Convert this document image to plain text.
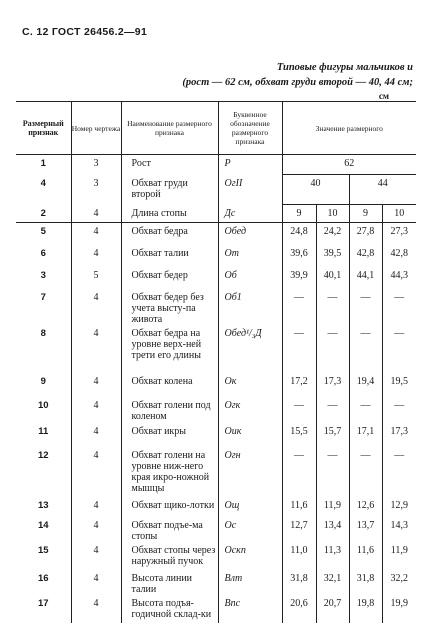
С. 12 ГОСТ 26456.2—91
Типовые фигуры мальчиков и
(рост — 62 см, обхват груди второй — 40, 44 см;
см
Размерный признак	Номер чертежа	Наименование размерного признака	Буквенное обозначение размерного признака	Значение размерного			
1	3	Рост	P	62			
4	3	Обхват груди второй	OгII	40		44	
2	4	Длина стопы	Дc	9	10	9	10
5	4	Обхват бедра	Oбед	24,8	24,2	27,8	27,3
6	4	Обхват талии	Oт	39,6	39,5	42,8	42,8
3	5	Обхват бедер	Oб	39,9	40,1	44,1	44,3
7	4	Обхват бедер без учета высту-па живота	Oб1	—	—	—	—
8	4	Обхват бедра на уровне верх-ней трети его длины	Oбед¹/₃Д	—	—	—	—
9	4	Обхват колена	Oк	17,2	17,3	19,4	19,5
10	4	Обхват голени под коленом	Oгк	—	—	—	—
11	4	Обхват икры	Oик	15,5	15,7	17,1	17,3
12	4	Обхват голени на уровне ниж-него края икро-ножной мышцы	Oгн	—	—	—	—
13	4	Обхват щико-лотки	Oщ	11,6	11,9	12,6	12,9
14	4	Обхват подъе-ма стопы	Oс	12,7	13,4	13,7	14,3
15	4	Обхват стопы через наружный пучок	Oскп	11,0	11,3	11,6	11,9
16	4	Высота линии талии	Bлт	31,8	32,1	31,8	32,2
17	4	Высота подъя-годичной склад-ки	Bпс	20,6	20,7	19,8	19,9
